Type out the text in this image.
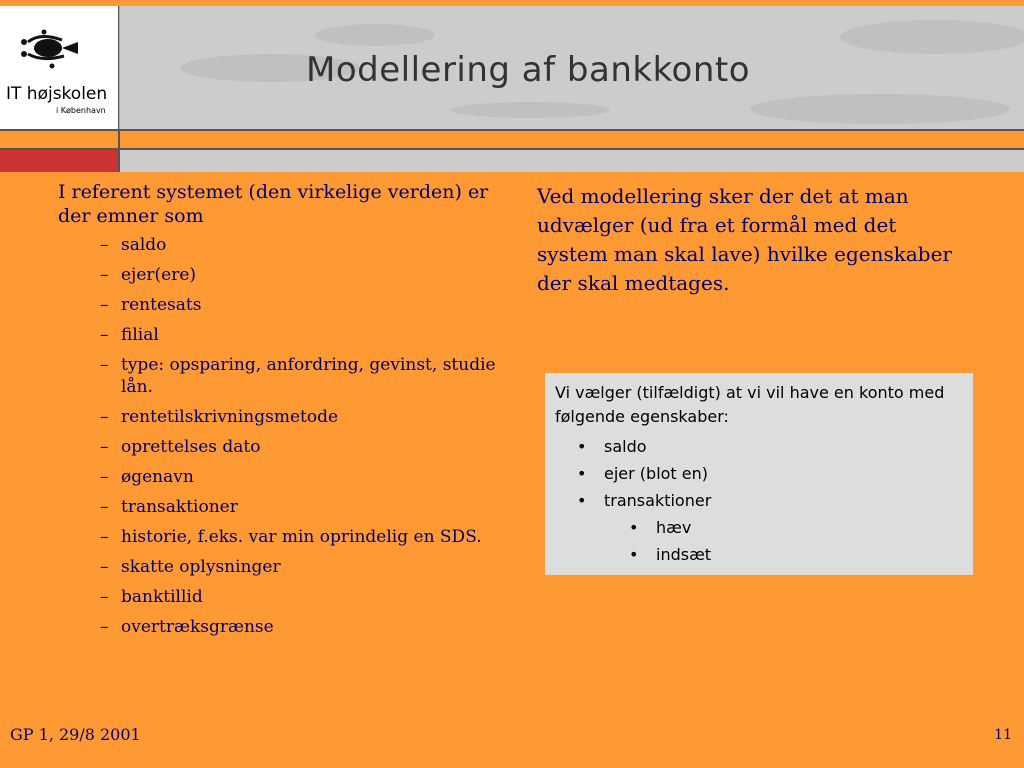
IT højskolen
i København
Modellering af bankkonto

I referent systemet (den virkelige verden) er der emner som

– saldo
– ejer(ere)
– rentesats
– filial
– type: opsparing, anfordring, gevinst, studie lån.
– rentetilskrivningsmetode
– oprettelses dato
– øgenavn
– transaktioner
– historie, f.eks. var min oprindelig en SDS.
– skatte oplysninger
– banktillid
– overtræksgrænse

Ved modellering sker der det at man udvælger (ud fra et formål med det system man skal lave) hvilke egenskaber der skal medtages.

Vi vælger (tilfældigt) at vi vil have en konto med følgende egenskaber:

• saldo
• ejer (blot en)
• transaktioner
• hæv
• indsæt
GP 1, 29/8 2001	11
